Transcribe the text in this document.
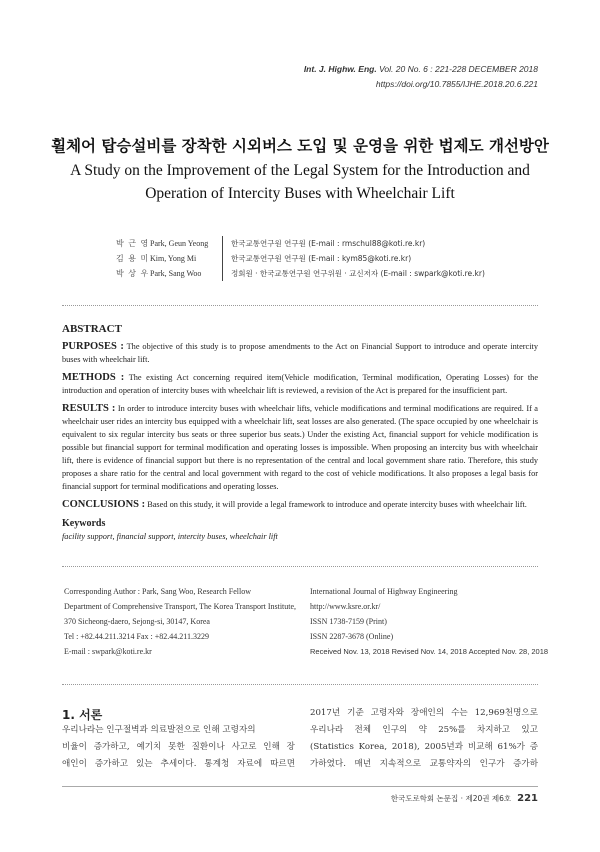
Int. J. Highw. Eng. Vol. 20 No. 6 : 221-228 DECEMBER 2018
https://doi.org/10.7855/IJHE.2018.20.6.221
휠체어 탑승설비를 장착한 시외버스 도입 및 운영을 위한 법제도 개선방안
A Study on the Improvement of the Legal System for the Introduction and
Operation of Intercity Buses with Wheelchair Lift
박 근 영 Park, Geun Yeong	한국교통연구원 연구원 (E-mail : rmschul88@koti.re.kr)
김 용 미 Kim, Yong Mi	한국교통연구원 연구원 (E-mail : kym85@koti.re.kr)
박 상 우 Park, Sang Woo	정회원 · 한국교통연구원 연구위원 · 교신저자 (E-mail : swpark@koti.re.kr)
ABSTRACT

PURPOSES : The objective of this study is to propose amendments to the Act on Financial Support to introduce and operate intercity buses with wheelchair lift.

METHODS : The existing Act concerning required item(Vehicle modification, Terminal modification, Operating Losses) for the introduction and operation of intercity buses with wheelchair lift is reviewed, a revision of the Act is prepared for the insufficient part.

RESULTS : In order to introduce intercity buses with wheelchair lifts, vehicle modifications and terminal modifications are required. If a wheelchair user rides an intercity bus equipped with a wheelchair lift, seat losses are also generated. (The space occupied by one wheelchair is equivalent to six regular intercity bus seats or three superior bus seats.) Under the existing Act, financial support for vehicle modification is possible but financial support for terminal modification and operating losses is impossible. When proposing an intercity bus with wheelchair lift, there is evidence of financial support but there is no representation of the central and local government share ratio. Therefore, this study proposes a share ratio for the central and local government with regard to the cost of vehicle modifications. It also proposes a legal basis for financial support for terminal modifications and operating losses.

CONCLUSIONS : Based on this study, it will provide a legal framework to introduce and operate intercity buses with wheelchair lift.

Keywords
facility support, financial support, intercity buses, wheelchair lift
Corresponding Author : Park, Sang Woo, Research Fellow
Department of Comprehensive Transport, The Korea Transport Institute,
370 Sicheong-daero, Sejong-si, 30147, Korea
Tel : +82.44.211.3214 Fax : +82.44.211.3229
E-mail : swpark@koti.re.kr
International Journal of Highway Engineering
http://www.ksre.or.kr/
ISSN 1738-7159 (Print)
ISSN 2287-3678 (Online)
Received Nov. 13, 2018 Revised Nov. 14, 2018 Accepted Nov. 28, 2018
1. 서론
우리나라는 인구절벽과 의료발전으로 인해 고령자의
비율이 증가하고, 예기치 못한 질환이나 사고로 인해 장
애인이 증가하고 있는 추세이다. 통계청 자료에 따르면
2017년 기준 고령자와 장애인의 수는 12,969천명으로
우리나라 전체 인구의 약 25%를 차지하고 있고
(Statistics Korea, 2018), 2005년과 비교해 61%가 증
가하였다. 매년 지속적으로 교통약자의 인구가 증가하
한국도로학회 논문집 · 제20권 제6호 221
